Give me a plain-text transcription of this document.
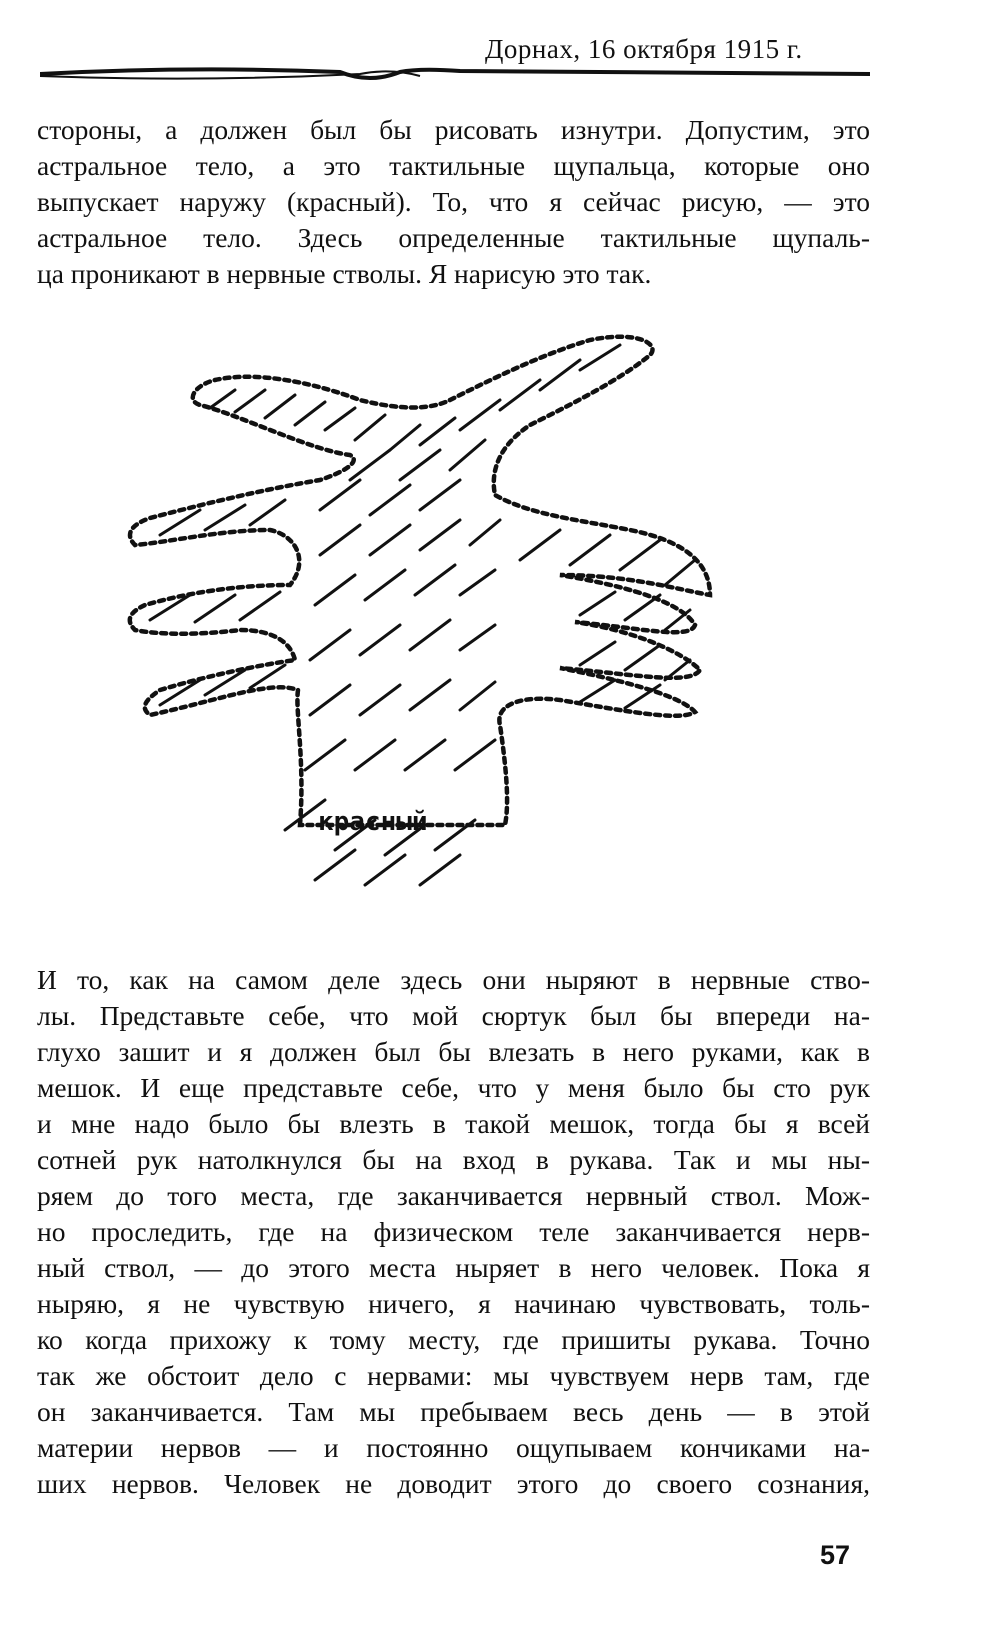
Дорнах, 16 октября 1915 г.
стороны, а должен был бы рисовать изнутри. Допустим, это
астральное тело, а это тактильные щупальца, которые оно
выпускает наружу (красный). То, что я сейчас рисую, — это
астральное тело. Здесь определенные тактильные щупаль-
ца проникают в нервные стволы. Я нарисую это так.
красный
И то, как на самом деле здесь они ныряют в нервные ство-
лы. Представьте себе, что мой сюртук был бы впереди на-
глухо зашит и я должен был бы влезать в него руками, как в
мешок. И еще представьте себе, что у меня было бы сто рук
и мне надо было бы влезть в такой мешок, тогда бы я всей
сотней рук натолкнулся бы на вход в рукава. Так и мы ны-
ряем до того места, где заканчивается нервный ствол. Мож-
но проследить, где на физическом теле заканчивается нерв-
ный ствол, — до этого места ныряет в него человек. Пока я
ныряю, я не чувствую ничего, я начинаю чувствовать, толь-
ко когда прихожу к тому месту, где пришиты рукава. Точно
так же обстоит дело с нервами: мы чувствуем нерв там, где
он заканчивается. Там мы пребываем весь день — в этой
материи нервов — и постоянно ощупываем кончиками на-
ших нервов. Человек не доводит этого до своего сознания,
57
